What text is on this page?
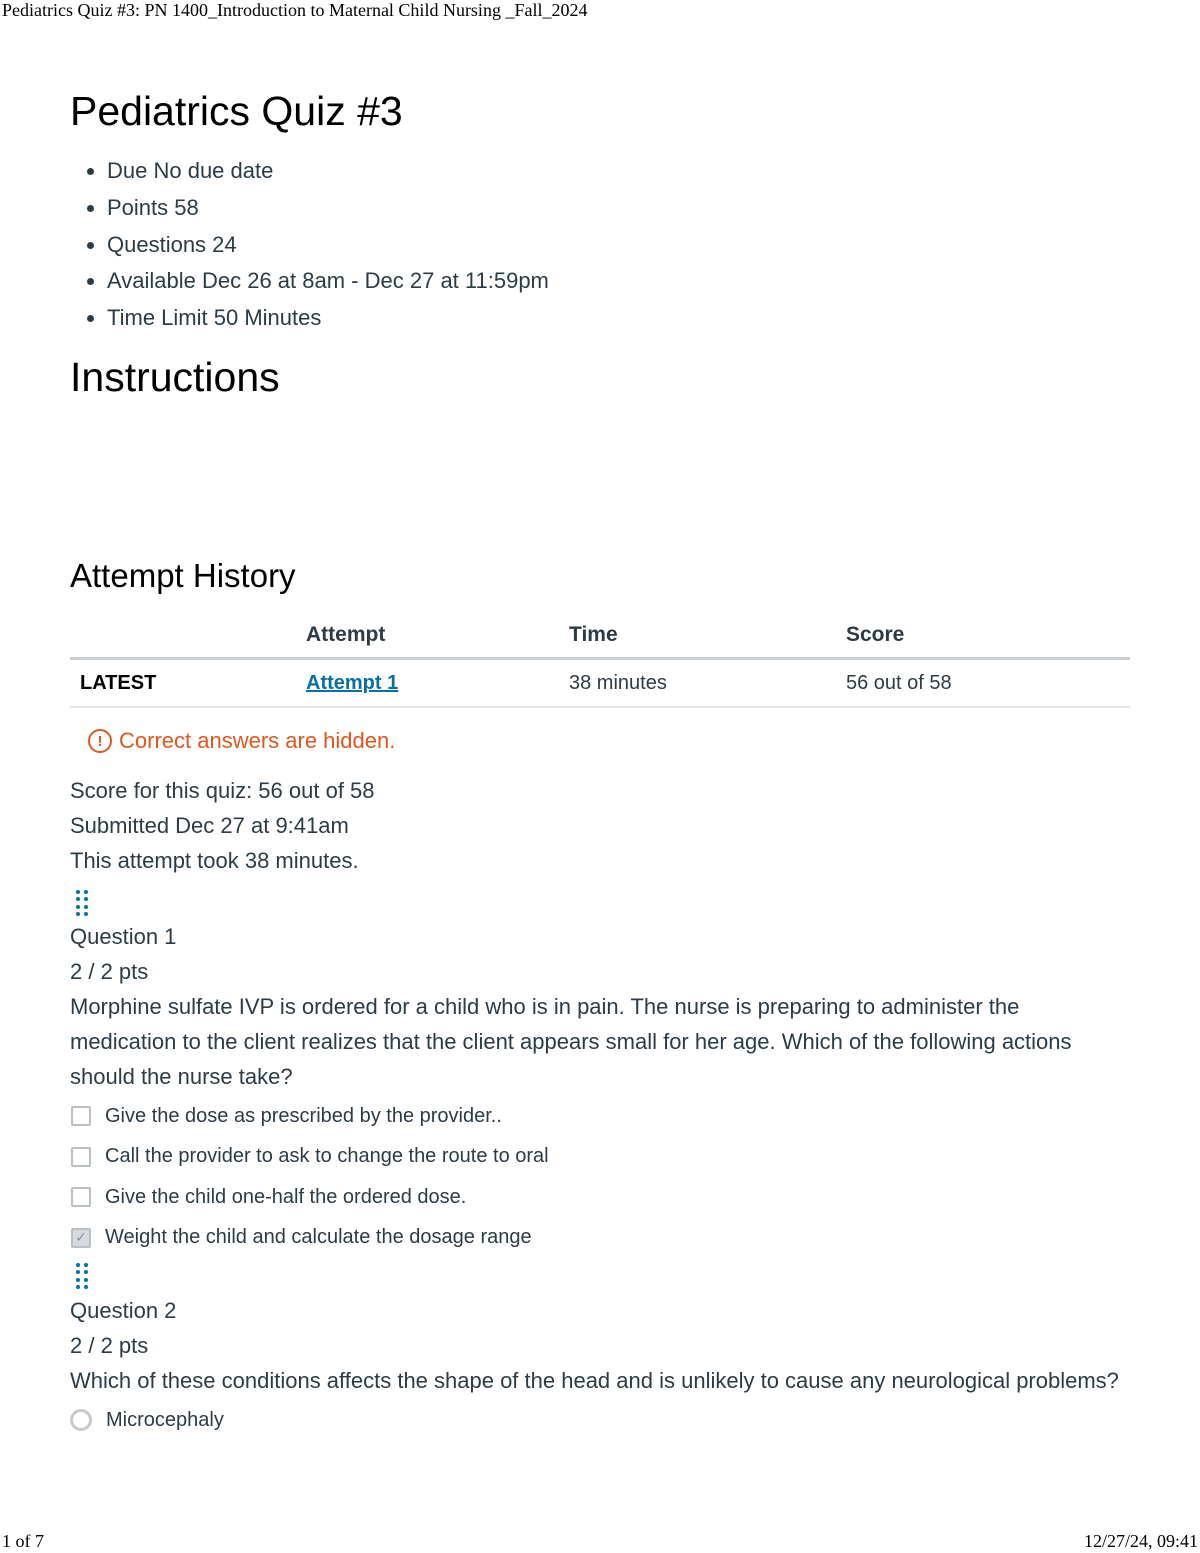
Pediatrics Quiz #3: PN 1400_Introduction to Maternal Child Nursing _Fall_2024
Pediatrics Quiz #3
• Due No due date
• Points 58
• Questions 24
• Available Dec 26 at 8am - Dec 27 at 11:59pm
• Time Limit 50 Minutes
Instructions
Attempt History
	Attempt	Time	Score
LATEST	Attempt 1	38 minutes	56 out of 58
! Correct answers are hidden.
Score for this quiz: 56 out of 58
Submitted Dec 27 at 9:41am
This attempt took 38 minutes.
Question 1
2 / 2 pts

Morphine sulfate IVP is ordered for a child who is in pain. The nurse is preparing to administer the medication to the client realizes that the client appears small for her age. Which of the following actions should the nurse take?

Give the dose as prescribed by the provider..
Call the provider to ask to change the route to oral
Give the child one-half the ordered dose.
✓ Weight the child and calculate the dosage range
Question 2
2 / 2 pts

Which of these conditions affects the shape of the head and is unlikely to cause any neurological problems?

Microcephaly
1 of 7	12/27/24, 09:41
